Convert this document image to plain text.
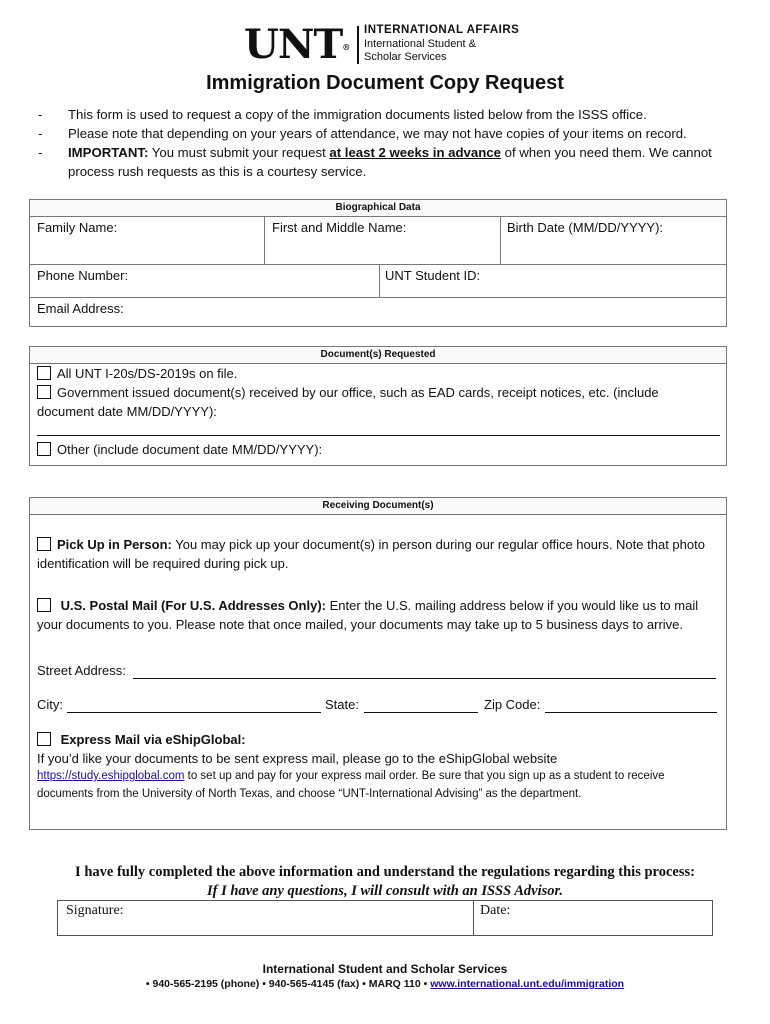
UNT®
INTERNATIONAL AFFAIRS
International Student &
Scholar Services
Immigration Document Copy Request
-	This form is used to request a copy of the immigration documents listed below from the ISSS office.
-	Please note that depending on your years of attendance, we may not have copies of your items on record.
-	IMPORTANT: You must submit your request at least 2 weeks in advance of when you need them. We cannot process rush requests as this is a courtesy service.
Biographical Data
Family Name:	First and Middle Name:	Birth Date (MM/DD/YYYY):
Phone Number:	UNT Student ID:
Email Address:
Document(s) Requested
All UNT I-20s/DS-2019s on file.
Government issued document(s) received by our office, such as EAD cards, receipt notices, etc. (include document date MM/DD/YYYY):
Other (include document date MM/DD/YYYY):
Receiving Document(s)
Pick Up in Person: You may pick up your document(s) in person during our regular office hours. Note that photo identification will be required during pick up.
U.S. Postal Mail (For U.S. Addresses Only): Enter the U.S. mailing address below if you would like us to mail your documents to you. Please note that once mailed, your documents may take up to 5 business days to arrive.
Street Address:
City:	State:	Zip Code:
Express Mail via eShipGlobal:
If you’d like your documents to be sent express mail, please go to the eShipGlobal website
https://study.eshipglobal.com to set up and pay for your express mail order. Be sure that you sign up as a student to receive documents from the University of North Texas, and choose “UNT-International Advising” as the department.
I have fully completed the above information and understand the regulations regarding this process:
If I have any questions, I will consult with an ISSS Advisor.
Signature:	Date:
International Student and Scholar Services
• 940-565-2195 (phone) • 940-565-4145 (fax) • MARQ 110 • www.international.unt.edu/immigration
